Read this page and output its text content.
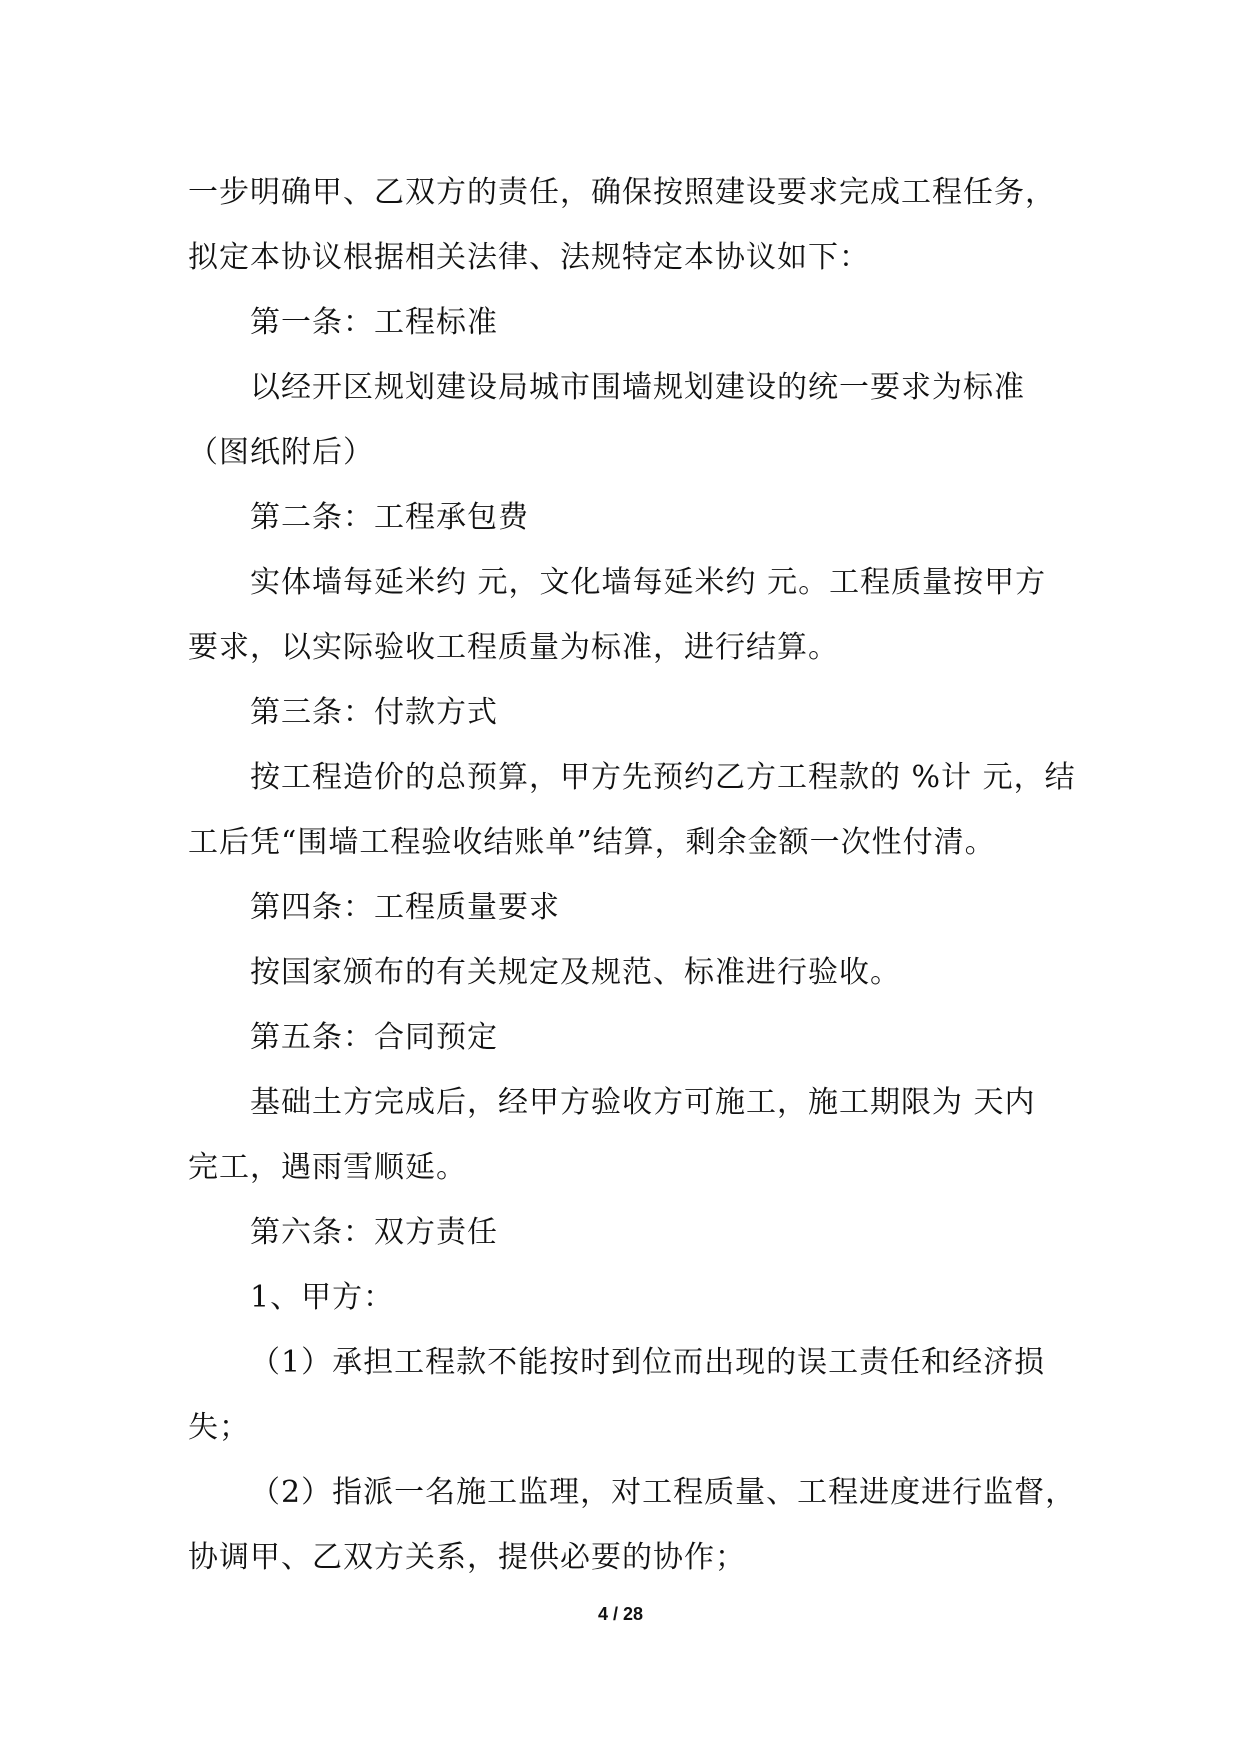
一步明确甲、乙双方的责任，确保按照建设要求完成工程任务，
拟定本协议根据相关法律、法规特定本协议如下：
第一条：工程标准
以经开区规划建设局城市围墙规划建设的统一要求为标准
（图纸附后）
第二条：工程承包费
实体墙每延米约 元，文化墙每延米约 元。工程质量按甲方
要求，以实际验收工程质量为标准，进行结算。
第三条：付款方式
按工程造价的总预算，甲方先预约乙方工程款的 %计 元，结
工后凭“围墙工程验收结账单”结算，剩余金额一次性付清。
第四条：工程质量要求
按国家颁布的有关规定及规范、标准进行验收。
第五条：合同预定
基础土方完成后，经甲方验收方可施工，施工期限为 天内
完工，遇雨雪顺延。
第六条：双方责任
1、甲方：
（1）承担工程款不能按时到位而出现的误工责任和经济损
失；
（2）指派一名施工监理，对工程质量、工程进度进行监督，
协调甲、乙双方关系，提供必要的协作；
4 / 28
